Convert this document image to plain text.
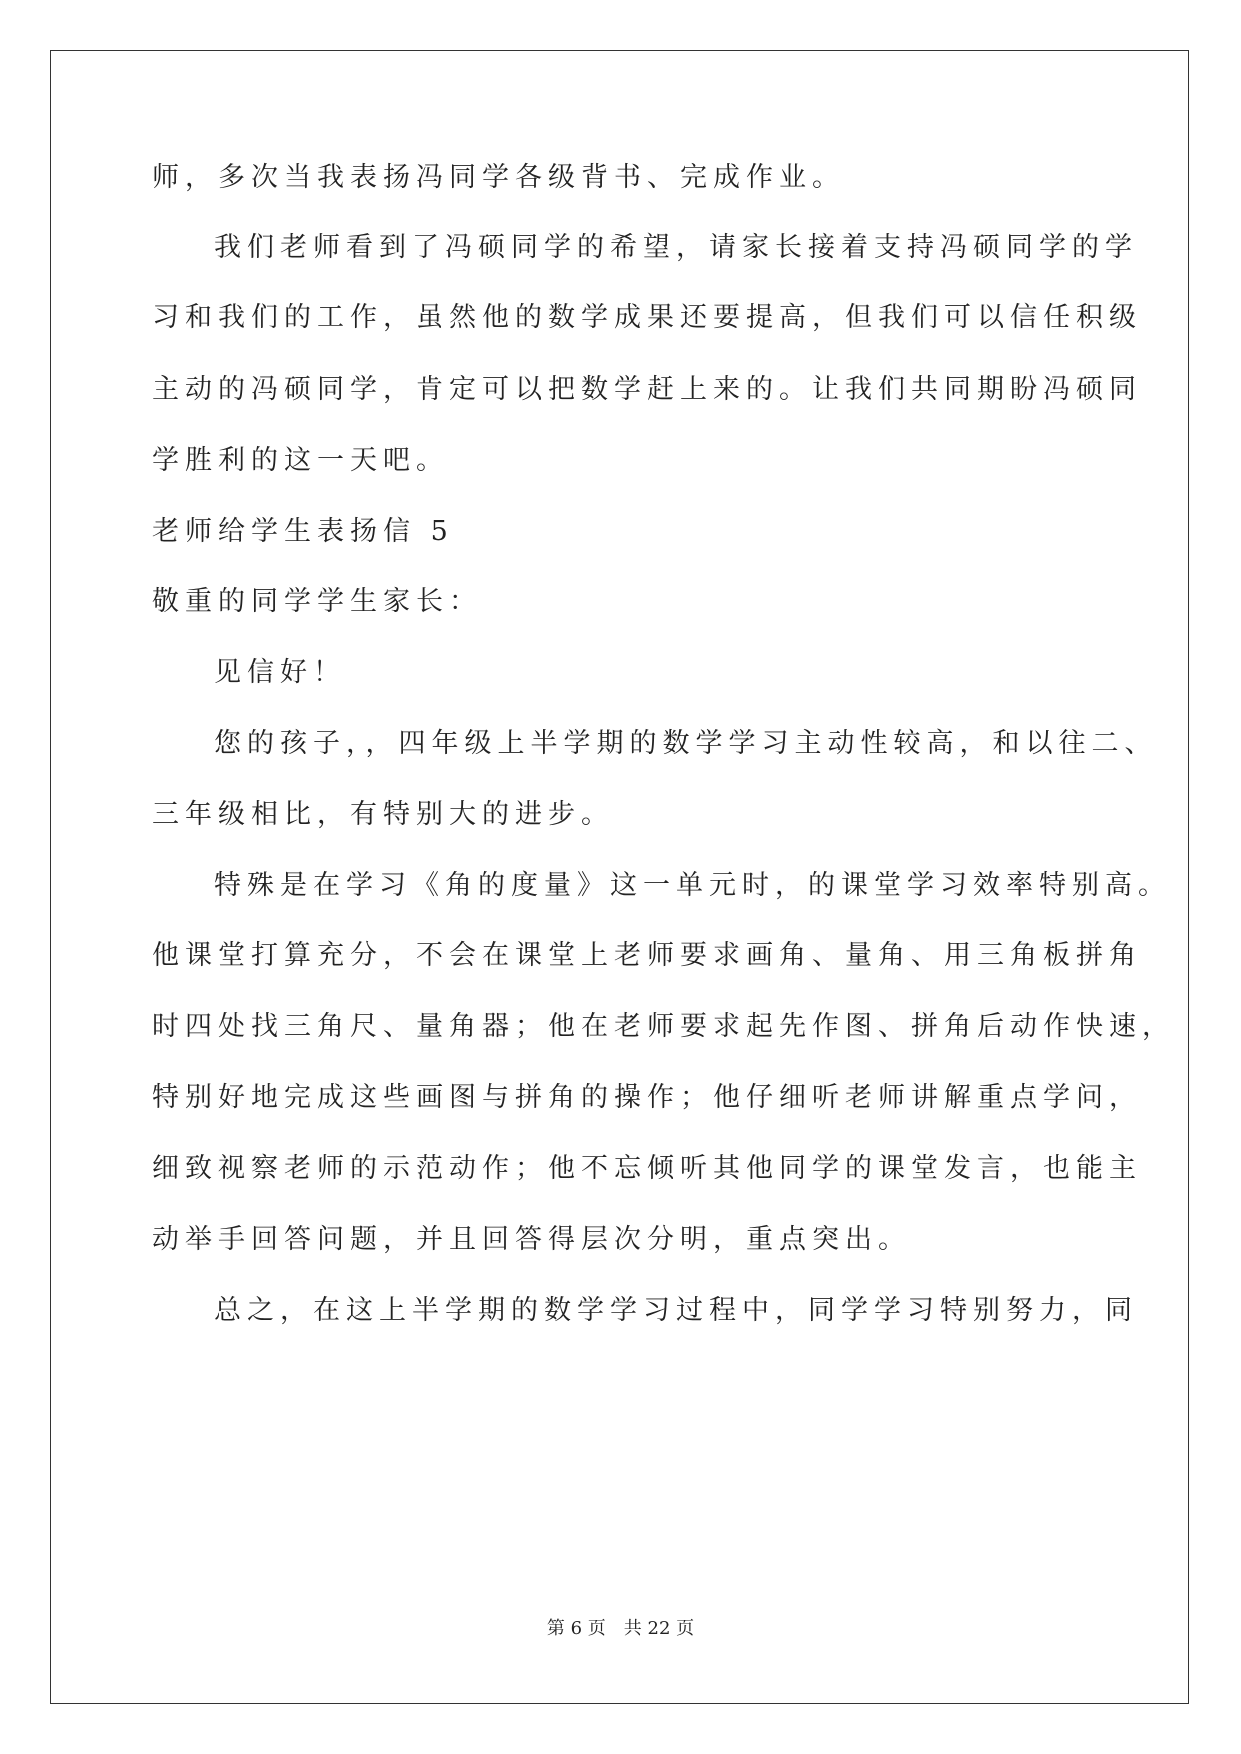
师，多次当我表扬冯同学各级背书、完成作业。
我们老师看到了冯硕同学的希望，请家长接着支持冯硕同学的学
习和我们的工作，虽然他的数学成果还要提高，但我们可以信任积级
主动的冯硕同学，肯定可以把数学赶上来的。让我们共同期盼冯硕同
学胜利的这一天吧。
老师给学生表扬信 5
敬重的同学学生家长：
见信好！
您的孩子，，四年级上半学期的数学学习主动性较高，和以往二、
三年级相比，有特别大的进步。
特殊是在学习《角的度量》这一单元时，的课堂学习效率特别高。
他课堂打算充分，不会在课堂上老师要求画角、量角、用三角板拼角
时四处找三角尺、量角器；他在老师要求起先作图、拼角后动作快速，
特别好地完成这些画图与拼角的操作；他仔细听老师讲解重点学问，
细致视察老师的示范动作；他不忘倾听其他同学的课堂发言，也能主
动举手回答问题，并且回答得层次分明，重点突出。
总之，在这上半学期的数学学习过程中，同学学习特别努力，同
第 6 页　共 22 页
